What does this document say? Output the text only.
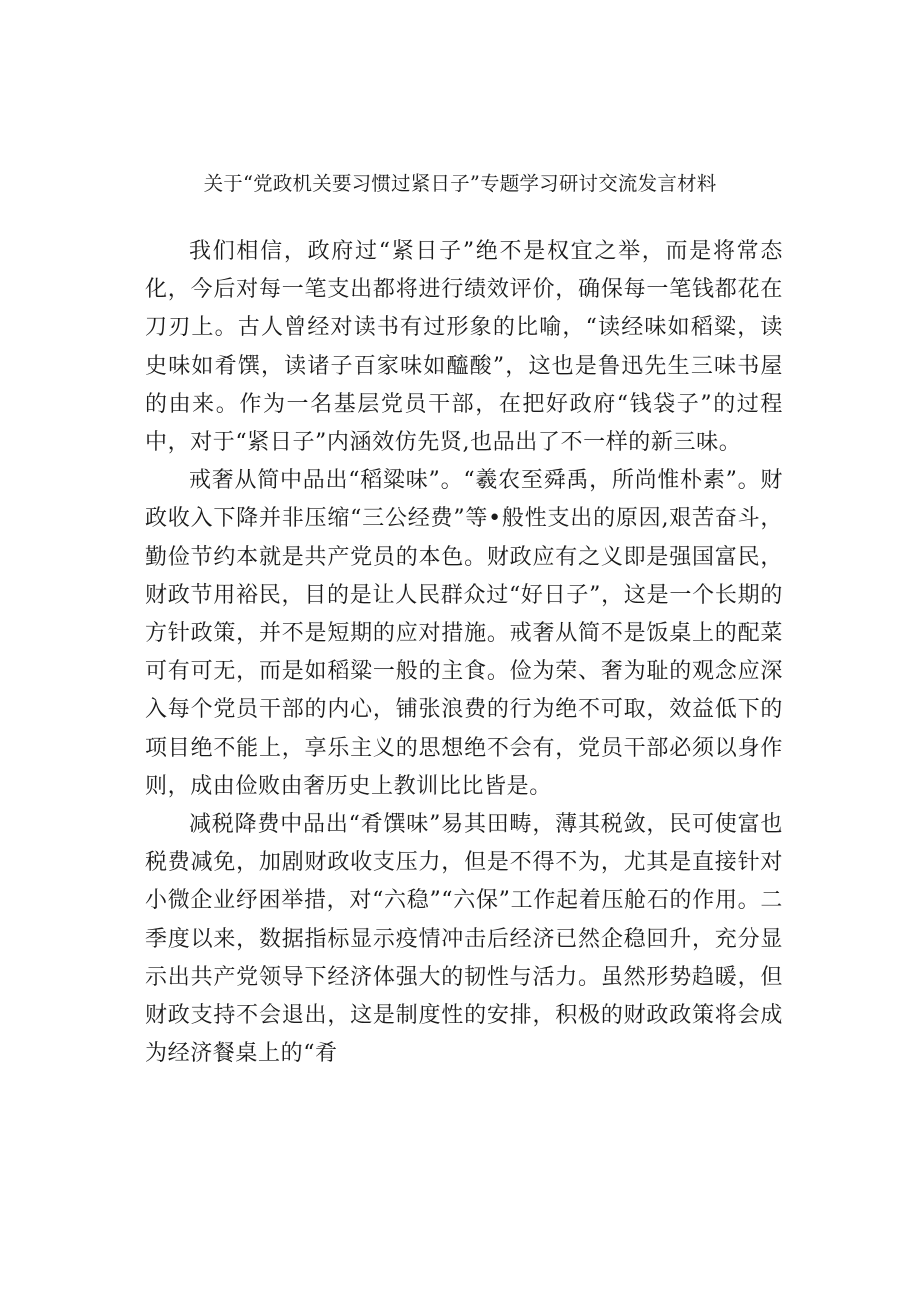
关于“党政机关要习惯过紧日子”专题学习研讨交流发言材料

我们相信，政府过“紧日子”绝不是权宜之举，而是将常态化，今后对每一笔支出都将进行绩效评价，确保每一笔钱都花在刀刃上。古人曾经对读书有过形象的比喻，“读经味如稻粱，读史味如肴馔，读诸子百家味如醯酸”，这也是鲁迅先生三味书屋的由来。作为一名基层党员干部，在把好政府“钱袋子”的过程中，对于“紧日子”内涵效仿先贤,也品出了不一样的新三味。

戒奢从简中品出“稻粱味”。“羲农至舜禹，所尚惟朴素”。财政收入下降并非压缩“三公经费”等•般性支出的原因,艰苦奋斗，勤俭节约本就是共产党员的本色。财政应有之义即是强国富民，财政节用裕民，目的是让人民群众过“好日子”，这是一个长期的方针政策，并不是短期的应对措施。戒奢从简不是饭桌上的配菜可有可无，而是如稻粱一般的主食。俭为荣、奢为耻的观念应深入每个党员干部的内心，铺张浪费的行为绝不可取，效益低下的项目绝不能上，享乐主义的思想绝不会有，党员干部必须以身作则，成由俭败由奢历史上教训比比皆是。

减税降费中品出“肴馔味”易其田畴，薄其税敛，民可使富也税费减免，加剧财政收支压力，但是不得不为，尤其是直接针对小微企业纾困举措，对“六稳”“六保”工作起着压舱石的作用。二季度以来，数据指标显示疫情冲击后经济已然企稳回升，充分显示出共产党领导下经济体强大的韧性与活力。虽然形势趋暖，但财政支持不会退出，这是制度性的安排，积极的财政政策将会成为经济餐桌上的“肴
